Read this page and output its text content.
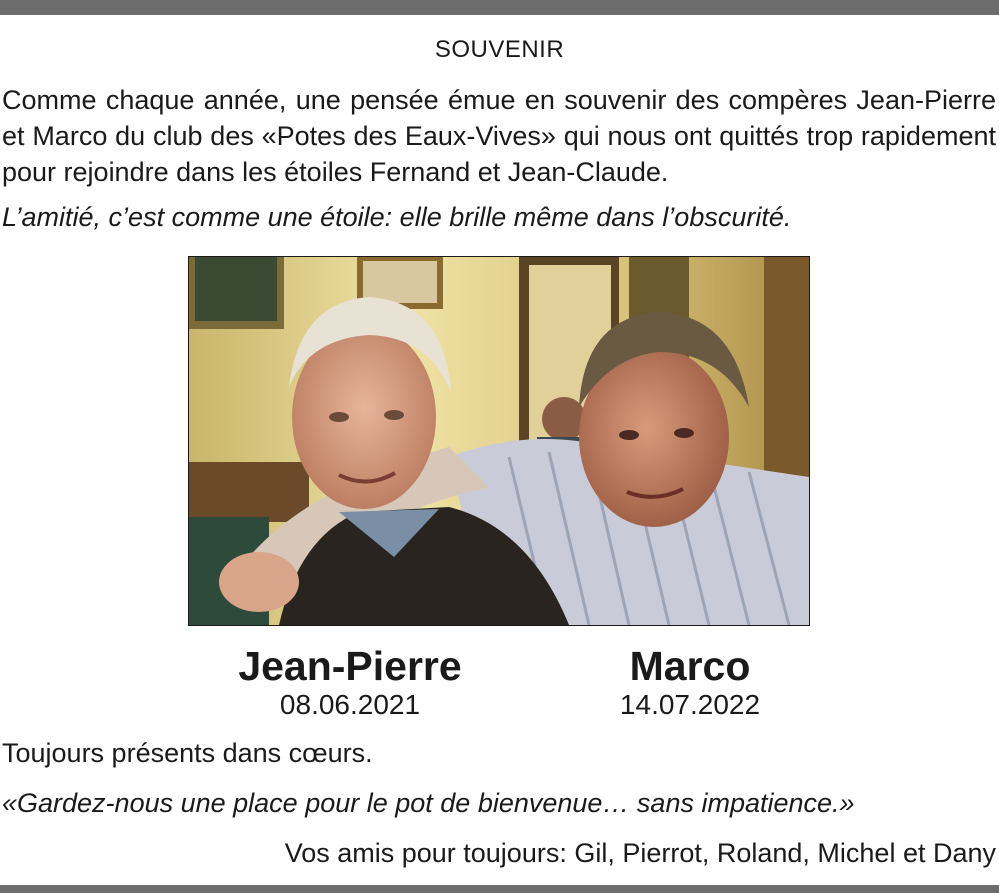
SOUVENIR

Comme chaque année, une pensée émue en souvenir des compères Jean-Pierre et Marco du club des «Potes des Eaux-Vives» qui nous ont quittés trop rapidement pour rejoindre dans les étoiles Fernand et Jean-Claude.

L’amitié, c’est comme une étoile: elle brille même dans l’obscurité.

Jean-Pierre
08.06.2021
Marco
14.07.2022

Toujours présents dans cœurs.

«Gardez-nous une place pour le pot de bienvenue… sans impatience.»

Vos amis pour toujours: Gil, Pierrot, Roland, Michel et Dany
